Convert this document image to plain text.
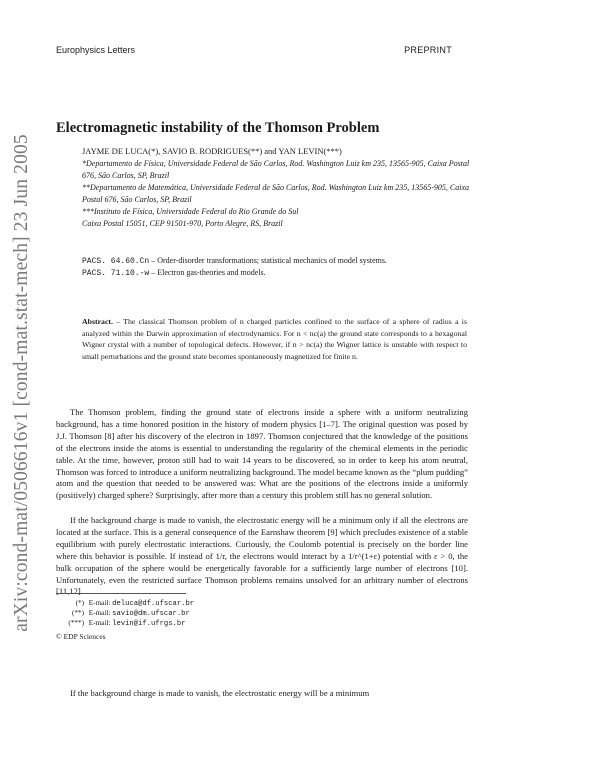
Europhysics Letters	PREPRINT
arXiv:cond-mat/0506616v1 [cond-mat.stat-mech] 23 Jun 2005
Electromagnetic instability of the Thomson Problem
JAYME DE LUCA(*), SAVIO B. RODRIGUES(**) and YAN LEVIN(***)
*Departamento de Física, Universidade Federal de São Carlos, Rod. Washington Luiz km 235, 13565-905, Caixa Postal 676, São Carlos, SP, Brazil
**Departamento de Matemática, Universidade Federal de São Carlos, Rod. Washington Luiz km 235, 13565-905, Caixa Postal 676, São Carlos, SP, Brazil
***Instituto de Física, Universidade Federal do Rio Grande do Sul
Caixa Postal 15051, CEP 91501-970, Porto Alegre, RS, Brazil
PACS. 64.60.Cn – Order-disorder transformations; statistical mechanics of model systems.
PACS. 71.10.-w – Electron gas-theories and models.
Abstract. – The classical Thomson problem of n charged particles confined to the surface of a sphere of radius a is analyzed within the Darwin approximation of electrodynamics. For n < nc(a) the ground state corresponds to a hexagonal Wigner crystal with a number of topological defects. However, if n > nc(a) the Wigner lattice is unstable with respect to small perturbations and the ground state becomes spontaneously magnetized for finite n.

The Thomson problem, finding the ground state of electrons inside a sphere with a uniform neutralizing background, has a time honored position in the history of modern physics [1–7]. The original question was posed by J.J. Thomson [8] after his discovery of the electron in 1897. Thomson conjectured that the knowledge of the positions of the electrons inside the atoms is essential to understanding the regularity of the chemical elements in the periodic table. At the time, however, proton still had to wait 14 years to be discovered, so in order to keep his atom neutral, Thomson was forced to introduce a uniform neutralizing background. The model became known as the “plum pudding” atom and the question that needed to be answered was: What are the positions of the electrons inside a uniformly (positively) charged sphere? Surprisingly, after more than a century this problem still has no general solution.

If the background charge is made to vanish, the electrostatic energy will be a minimum only if all the electrons are located at the surface. This is a general consequence of the Earnshaw theorem [9] which precludes existence of a stable equilibrium with purely electrostatic interactions. Curiously, the Coulomb potential is precisely on the border line where this behavior is possible. If instead of 1/r, the electrons would interact by a 1/r^(1+ε) potential with ε > 0, the bulk occupation of the sphere would be energetically favorable for a sufficiently large number of electrons [10]. Unfortunately, even the restricted surface Thomson problems remains unsolved for an arbitrary number of electrons [11,12].

If the background charge is made to vanish, the electrostatic energy will be a minimum

(*) E-mail: deluca@df.ufscar.br
(**) E-mail: savio@dm.ufscar.br
(***) E-mail: levin@if.ufrgs.br
© EDP Sciences
